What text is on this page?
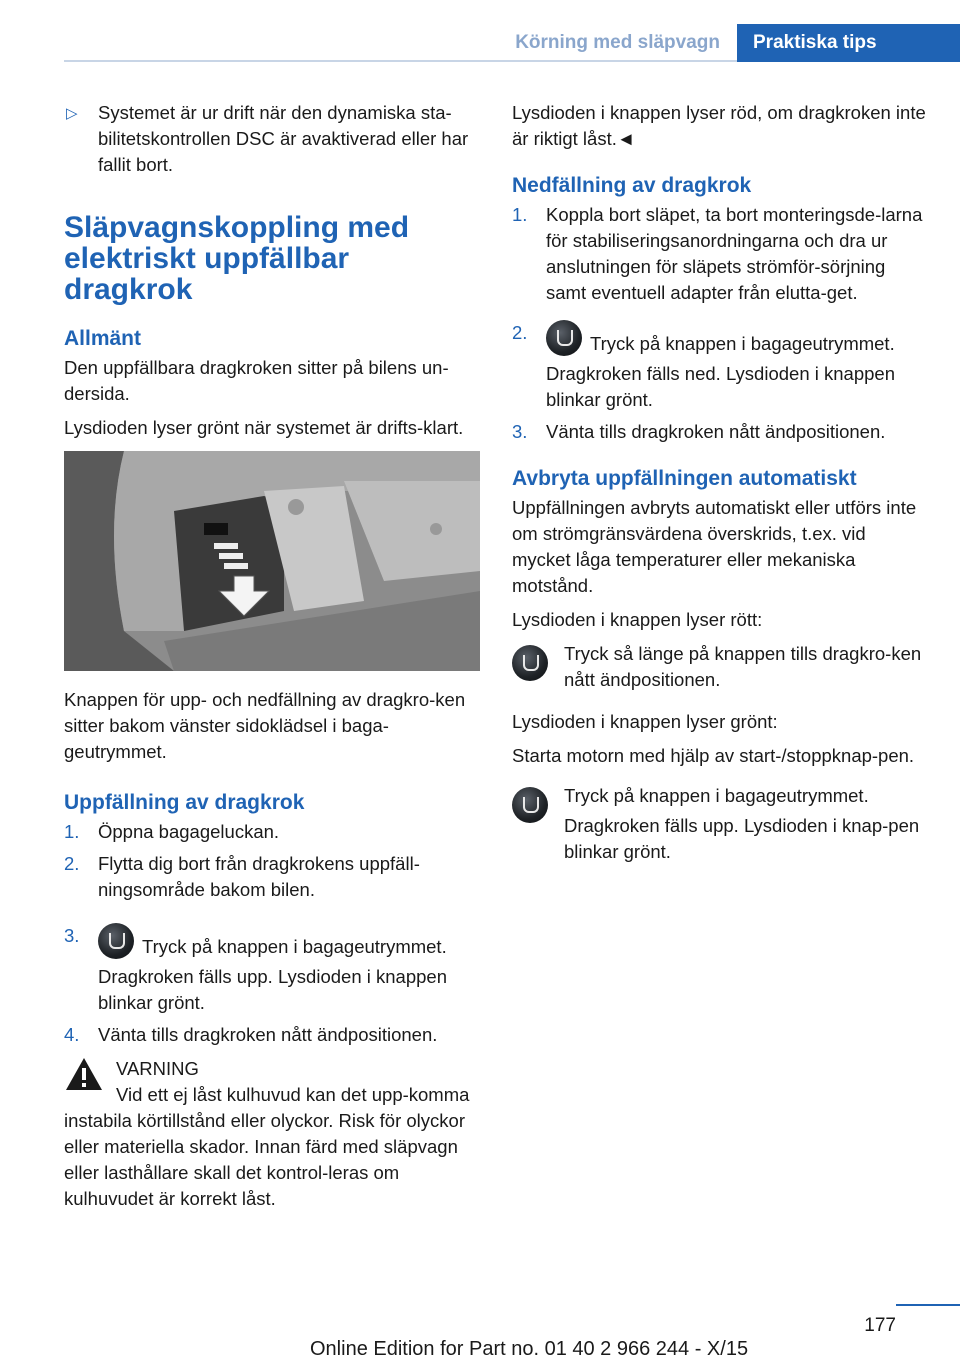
Körning med släpvagn	Praktiska tips
▷ Systemet är ur drift när den dynamiska sta-bilitetskontrollen DSC är avaktiverad eller har fallit bort.
Släpvagnskoppling med elektriskt uppfällbar dragkrok
Allmänt

Den uppfällbara dragkroken sitter på bilens un-dersida.

Lysdioden lyser grönt när systemet är drifts-klart.

Knappen för upp- och nedfällning av dragkro-ken sitter bakom vänster sidoklädsel i baga-geutrymmet.

Uppfällning av dragkrok
1. Öppna bagageluckan.
2. Flytta dig bort från dragkrokens uppfäll-ningsområde bakom bilen.
3.
Tryck på knappen i bagageutrymmet.
Dragkroken fälls upp. Lysdioden i knappen blinkar grönt.
4. Vänta tills dragkroken nått ändpositionen.
VARNING
Vid ett ej låst kulhuvud kan det upp-komma instabila körtillstånd eller olyckor. Risk för olyckor eller materiella skador. Innan färd med släpvagn eller lasthållare skall det kontrol-leras om kulhuvudet är korrekt låst.

Lysdioden i knappen lyser röd, om dragkroken inte är riktigt låst.◄

Nedfällning av dragkrok
1. Koppla bort släpet, ta bort monteringsde-larna för stabiliseringsanordningarna och dra ur anslutningen för släpets strömför-sörjning samt eventuell adapter från elutta-get.
2.
Tryck på knappen i bagageutrymmet.
Dragkroken fälls ned. Lysdioden i knappen blinkar grönt.
3. Vänta tills dragkroken nått ändpositionen.
Avbryta uppfällningen automatiskt

Uppfällningen avbryts automatiskt eller utförs inte om strömgränsvärdena överskrids, t.ex. vid mycket låga temperaturer eller mekaniska motstånd.

Lysdioden i knappen lyser rött:

Tryck så länge på knappen tills dragkro-ken nått ändpositionen.

Lysdioden i knappen lyser grönt:

Starta motorn med hjälp av start-/stoppknap-pen.

Tryck på knappen i bagageutrymmet.
Dragkroken fälls upp. Lysdioden i knap-pen blinkar grönt.
177
Online Edition for Part no. 01 40 2 966 244 - X/15
